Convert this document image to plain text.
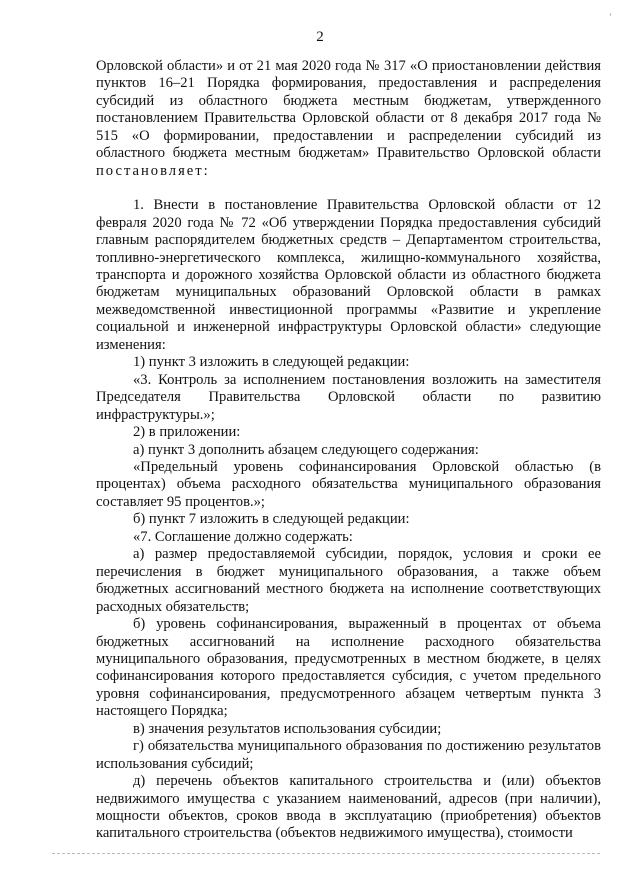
2
ʼ

Орловской области» и от 21 мая 2020 года № 317 «О приостановлении действия пунктов 16–21 Порядка формирования, предоставления и распределения субсидий из областного бюджета местным бюджетам, утвержденного постановлением Правительства Орловской области от 8 декабря 2017 года № 515 «О формировании, предоставлении и распределении субсидий из областного бюджета местным бюджетам» Правительство Орловской области постановляет:

1. Внести в постановление Правительства Орловской области от 12 февраля 2020 года № 72 «Об утверждении Порядка предоставления субсидий главным распорядителем бюджетных средств – Департаментом строительства, топливно-энергетического комплекса, жилищно-коммунального хозяйства, транспорта и дорожного хозяйства Орловской области из областного бюджета бюджетам муниципальных образований Орловской области в рамках межведомственной инвестиционной программы «Развитие и укрепление социальной и инженерной инфраструктуры Орловской области» следующие изменения:

1) пункт 3 изложить в следующей редакции:

«3. Контроль за исполнением постановления возложить на заместителя Председателя Правительства Орловской области по развитию инфраструктуры.»;

2) в приложении:

а) пункт 3 дополнить абзацем следующего содержания:

«Предельный уровень софинансирования Орловской областью (в процентах) объема расходного обязательства муниципального образования составляет 95 процентов.»;

б) пункт 7 изложить в следующей редакции:

«7. Соглашение должно содержать:

а) размер предоставляемой субсидии, порядок, условия и сроки ее перечисления в бюджет муниципального образования, а также объем бюджетных ассигнований местного бюджета на исполнение соответствующих расходных обязательств;

б) уровень софинансирования, выраженный в процентах от объема бюджетных ассигнований на исполнение расходного обязательства муниципального образования, предусмотренных в местном бюджете, в целях софинансирования которого предоставляется субсидия, с учетом предельного уровня софинансирования, предусмотренного абзацем четвертым пункта 3 настоящего Порядка;

в) значения результатов использования субсидии;

г) обязательства муниципального образования по достижению результатов использования субсидий;

д) перечень объектов капитального строительства и (или) объектов недвижимого имущества с указанием наименований, адресов (при наличии), мощности объектов, сроков ввода в эксплуатацию (приобретения) объектов капитального строительства (объектов недвижимого имущества), стоимости
